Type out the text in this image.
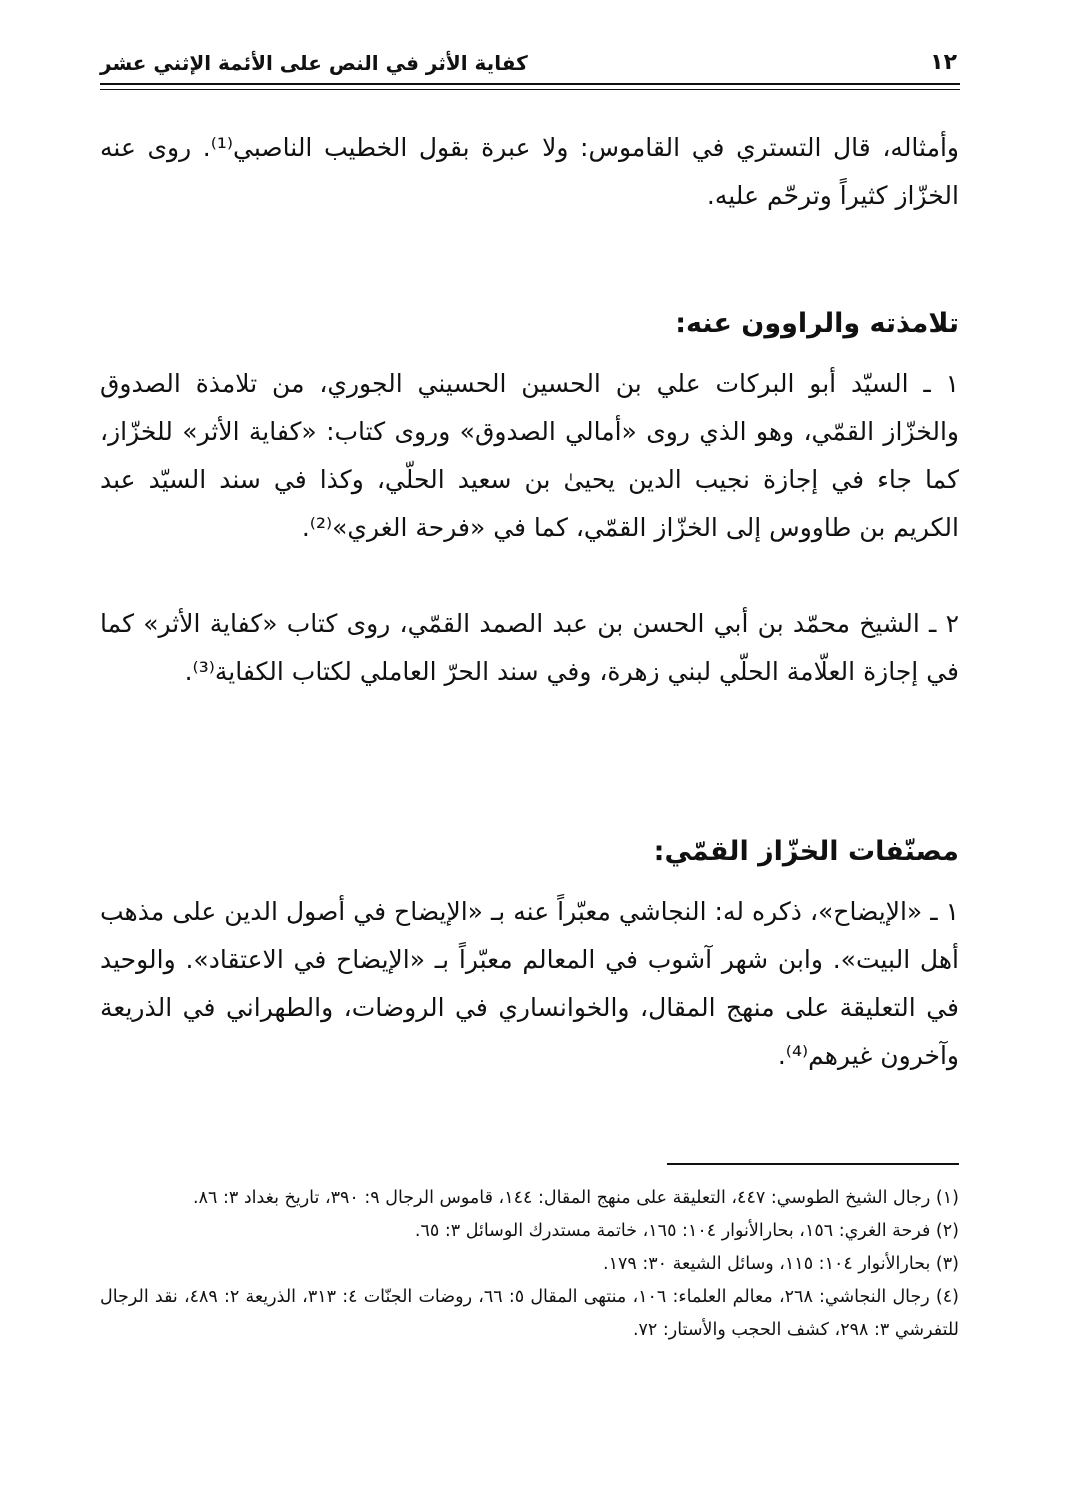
١٢
كفاية الأثر في النص على الأئمة الإثني عشر

وأمثاله، قال التستري في القاموس: ولا عبرة بقول الخطيب الناصبي⁽¹⁾. روى عنه الخزّاز كثيراً وترحّم عليه.

تلامذته والراوون عنه:

١ ـ السيّد أبو البركات علي بن الحسين الحسيني الجوري، من تلامذة الصدوق والخزّاز القمّي، وهو الذي روى «أمالي الصدوق» وروى كتاب: «كفاية الأثر» للخزّاز، كما جاء في إجازة نجيب الدين يحيىٰ بن سعيد الحلّي، وكذا في سند السيّد عبد الكريم بن طاووس إلى الخزّاز القمّي، كما في «فرحة الغري»⁽²⁾.

٢ ـ الشيخ محمّد بن أبي الحسن بن عبد الصمد القمّي، روى كتاب «كفاية الأثر» كما في إجازة العلّامة الحلّي لبني زهرة، وفي سند الحرّ العاملي لكتاب الكفاية⁽³⁾.

مصنّفات الخزّاز القمّي:

١ ـ «الإيضاح»، ذكره له: النجاشي معبّراً عنه بـ «الإيضاح في أصول الدين على مذهب أهل البيت». وابن شهر آشوب في المعالم معبّراً بـ «الإيضاح في الاعتقاد». والوحيد في التعليقة على منهج المقال، والخوانساري في الروضات، والطهراني في الذريعة وآخرون غيرهم⁽⁴⁾.

(١) رجال الشيخ الطوسي: ٤٤٧، التعليقة على منهج المقال: ١٤٤، قاموس الرجال ٩: ٣٩٠، تاريخ بغداد ٣: ٨٦.
(٢) فرحة الغري: ١٥٦، بحارالأنوار ١٠٤: ١٦٥، خاتمة مستدرك الوسائل ٣: ٦٥.
(٣) بحارالأنوار ١٠٤: ١١٥، وسائل الشيعة ٣٠: ١٧٩.
(٤) رجال النجاشي: ٢٦٨، معالم العلماء: ١٠٦، منتهى المقال ٥: ٦٦، روضات الجنّات ٤: ٣١٣، الذريعة ٢: ٤٨٩، نقد الرجال للتفرشي ٣: ٢٩٨، كشف الحجب والأستار: ٧٢.
